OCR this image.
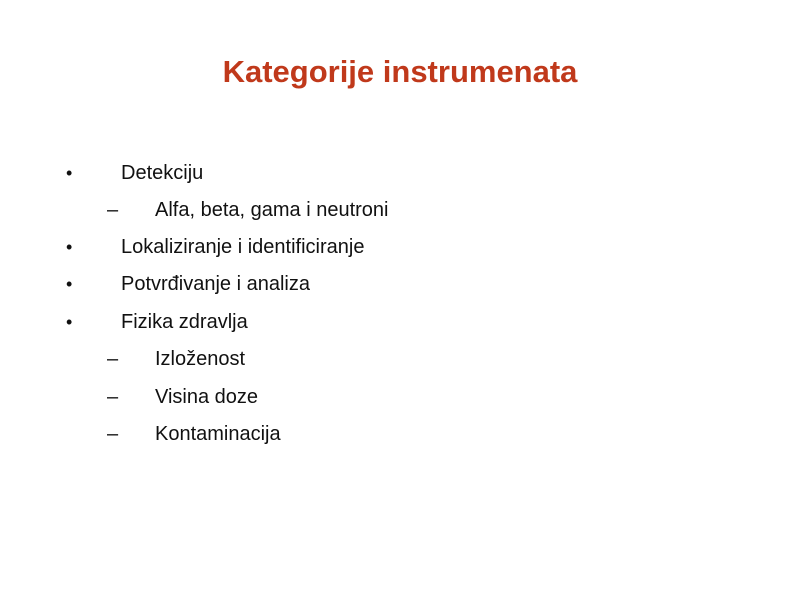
Kategorije instrumenata
• Detekciju
– Alfa, beta, gama i neutroni
• Lokaliziranje i identificiranje
• Potvrđivanje i analiza
• Fizika zdravlja
– Izloženost
– Visina doze
– Kontaminacija
